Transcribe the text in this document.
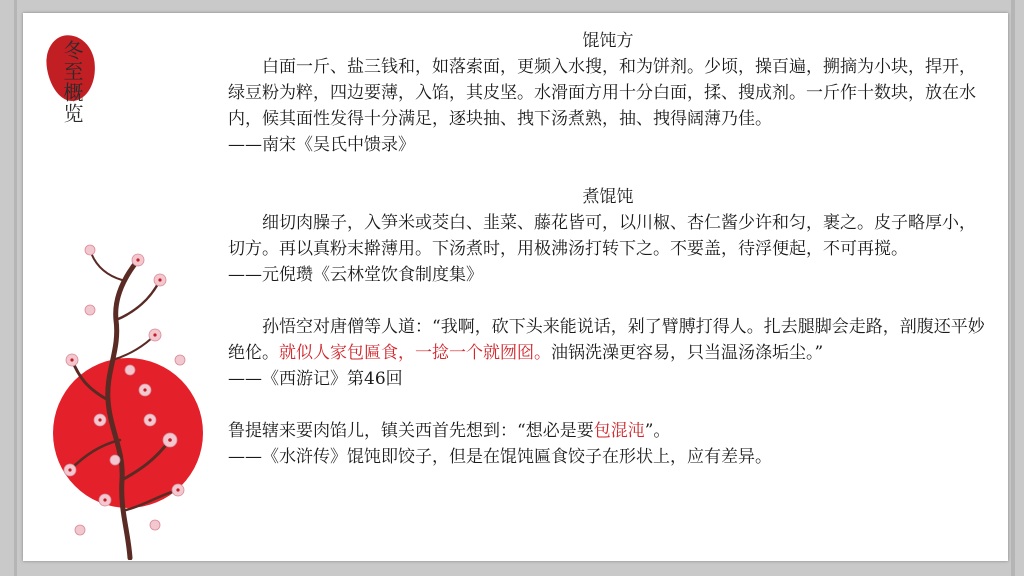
冬至概览	馄饨方

白面一斤、盐三钱和，如落索面，更频入水搜，和为饼剂。少顷，操百遍，搠摘为小块，捍开，绿豆粉为粹，四边要薄，入馅，其皮坚。水滑面方用十分白面，揉、搜成剂。一斤作十数块，放在水内，候其面性发得十分满足，逐块抽、拽下汤煮熟，抽、拽得阔薄乃佳。

——南宋《吴氏中馈录》

煮馄饨

细切肉臊子，入笋米或茭白、韭菜、藤花皆可，以川椒、杏仁酱少许和匀，裹之。皮子略厚小，切方。再以真粉末擀薄用。下汤煮时，用极沸汤打转下之。不要盖，待浮便起，不可再搅。

——元倪瓒《云林堂饮食制度集》

孙悟空对唐僧等人道：“我啊，砍下头来能说话，剁了臂膊打得人。扎去腿脚会走路，剖腹还平妙绝伦。就似人家包匾食，一捻一个就囫囵。油锅洗澡更容易，只当温汤涤垢尘。”

——《西游记》第46回

鲁提辖来要肉馅儿，镇关西首先想到：“想必是要包混沌”。

——《水浒传》馄饨即饺子，但是在馄饨匾食饺子在形状上，应有差异。
